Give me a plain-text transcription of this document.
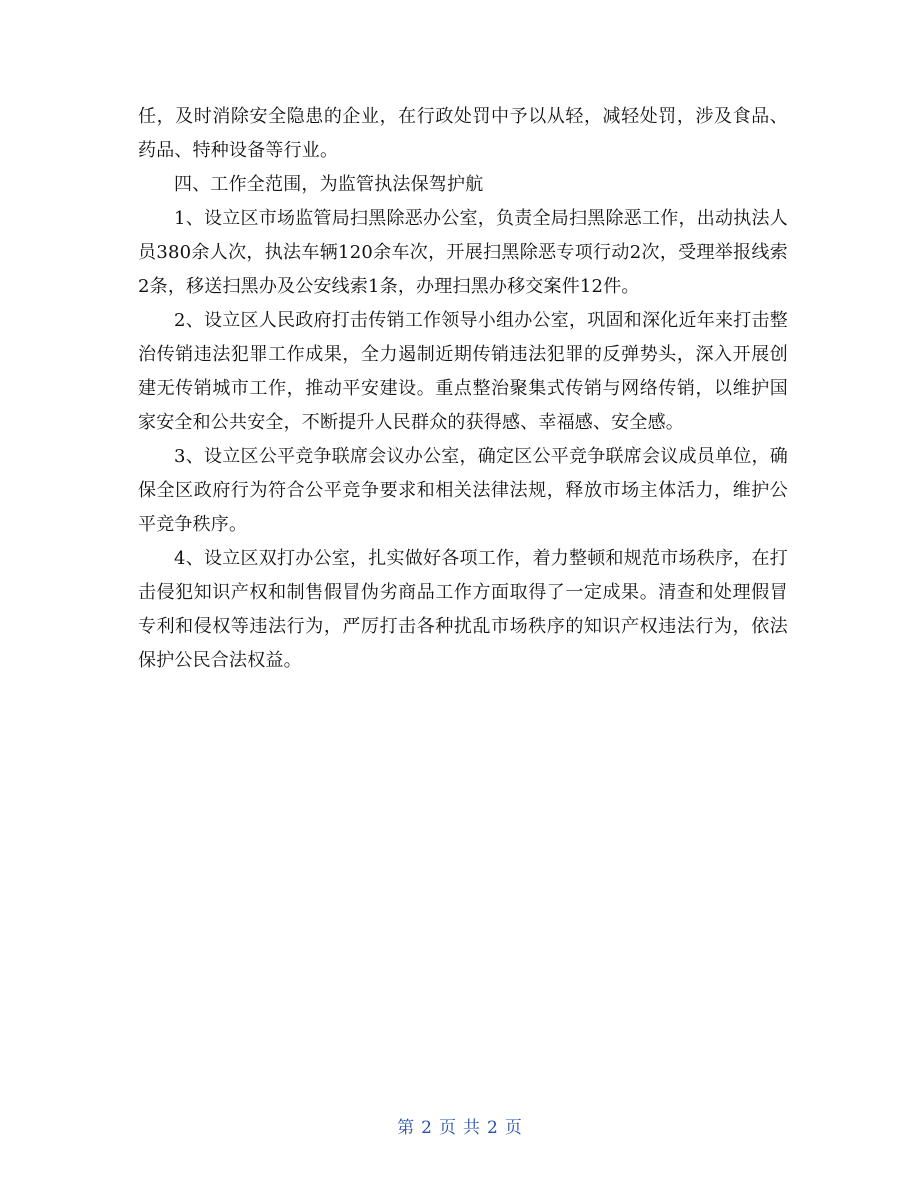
任，及时消除安全隐患的企业，在行政处罚中予以从轻，减轻处罚，涉及食品、药品、特种设备等行业。

四、工作全范围，为监管执法保驾护航

1、设立区市场监管局扫黑除恶办公室，负责全局扫黑除恶工作，出动执法人员380余人次，执法车辆120余车次，开展扫黑除恶专项行动2次，受理举报线索2条，移送扫黑办及公安线索1条，办理扫黑办移交案件12件。

2、设立区人民政府打击传销工作领导小组办公室，巩固和深化近年来打击整治传销违法犯罪工作成果，全力遏制近期传销违法犯罪的反弹势头，深入开展创建无传销城市工作，推动平安建设。重点整治聚集式传销与网络传销，以维护国家安全和公共安全，不断提升人民群众的获得感、幸福感、安全感。

3、设立区公平竞争联席会议办公室，确定区公平竞争联席会议成员单位，确保全区政府行为符合公平竞争要求和相关法律法规，释放市场主体活力，维护公平竞争秩序。

4、设立区双打办公室，扎实做好各项工作，着力整顿和规范市场秩序，在打击侵犯知识产权和制售假冒伪劣商品工作方面取得了一定成果。清查和处理假冒专利和侵权等违法行为，严厉打击各种扰乱市场秩序的知识产权违法行为，依法保护公民合法权益。

第 2 页 共 2 页
